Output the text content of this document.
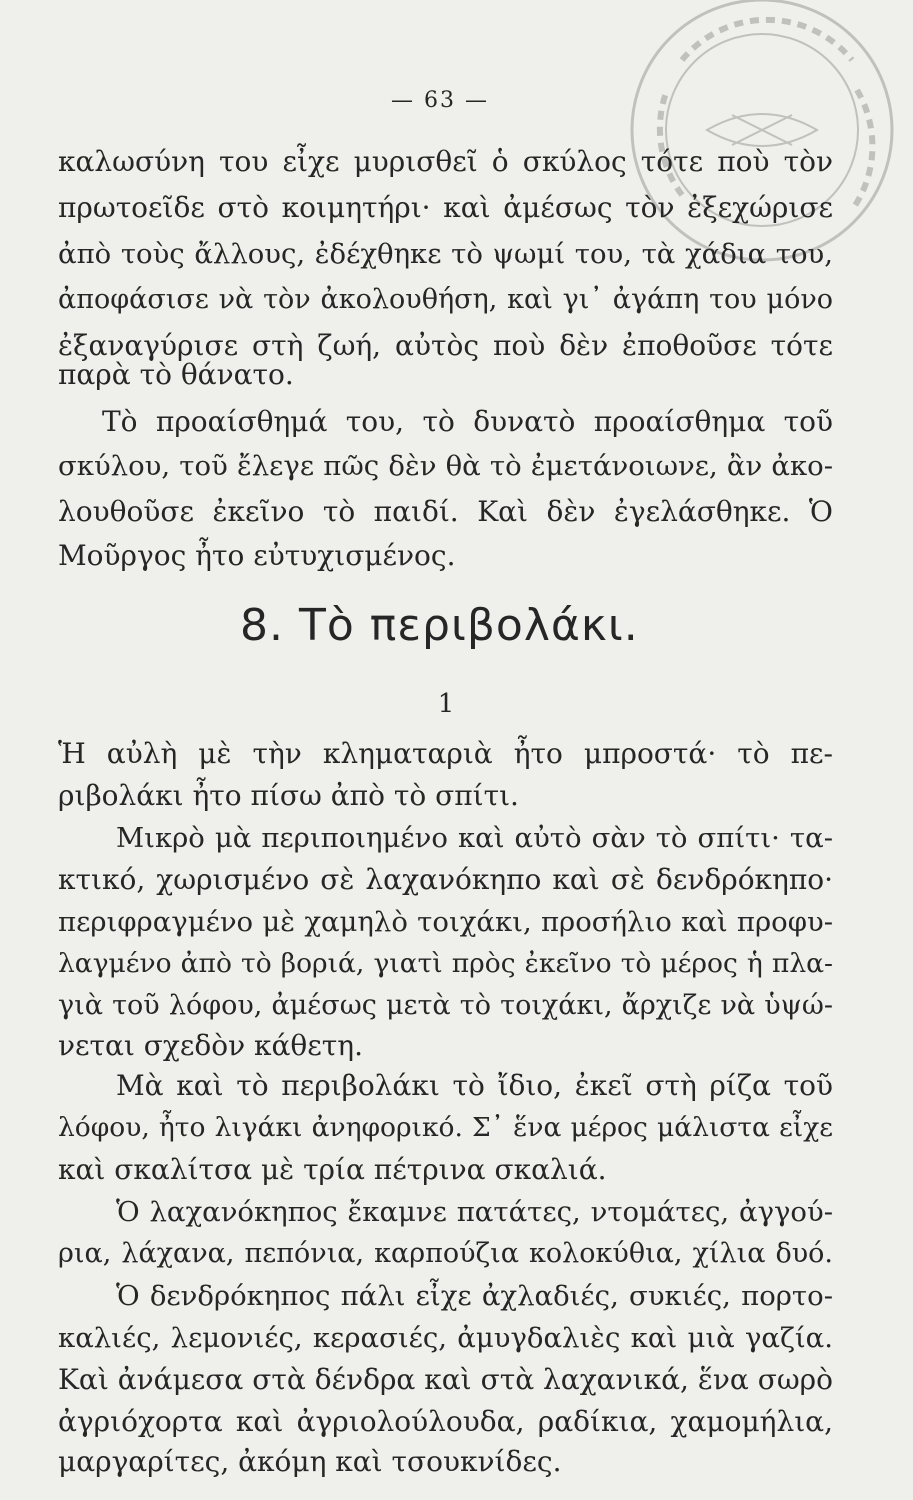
— 63 —
καλωσύνη του εἶχε μυρισθεῖ ὁ σκύλος τότε ποὺ τὸν
πρωτοεῖδε στὸ κοιμητήρι· καὶ ἀμέσως τὸν ἐξεχώρισε
ἀπὸ τοὺς ἄλλους, ἐδέχθηκε τὸ ψωμί του, τὰ χάδια του,
ἀποφάσισε νὰ τὸν ἀκολουθήση, καὶ γι᾽ ἀγάπη του μόνο
ἐξαναγύρισε στὴ ζωή, αὐτὸς ποὺ δὲν ἐποθοῦσε τότε
παρὰ τὸ θάνατο.
Τὸ προαίσθημά του, τὸ δυνατὸ προαίσθημα τοῦ
σκύλου, τοῦ ἔλεγε πῶς δὲν θὰ τὸ ἐμετάνοιωνε, ἂν ἀκο-
λουθοῦσε ἐκεῖνο τὸ παιδί. Καὶ δὲν ἐγελάσθηκε. Ὁ
Μοῦργος ἦτο εὐτυχισμένος.
8. Τὸ περιβολάκι.
1
Ἡ αὐλὴ μὲ τὴν κληματαριὰ ἦτο μπροστά· τὸ πε-
ριβολάκι ἦτο πίσω ἀπὸ τὸ σπίτι.
Μικρὸ μὰ περιποιημένο καὶ αὐτὸ σὰν τὸ σπίτι· τα-
κτικό, χωρισμένο σὲ λαχανόκηπο καὶ σὲ δενδρόκηπο·
περιφραγμένο μὲ χαμηλὸ τοιχάκι, προσήλιο καὶ προφυ-
λαγμένο ἀπὸ τὸ βοριά, γιατὶ πρὸς ἐκεῖνο τὸ μέρος ἡ πλα-
γιὰ τοῦ λόφου, ἀμέσως μετὰ τὸ τοιχάκι, ἄρχιζε νὰ ὑψώ-
νεται σχεδὸν κάθετη.
Μὰ καὶ τὸ περιβολάκι τὸ ἴδιο, ἐκεῖ στὴ ρίζα τοῦ
λόφου, ἦτο λιγάκι ἀνηφορικό. Σ᾽ ἕνα μέρος μάλιστα εἶχε
καὶ σκαλίτσα μὲ τρία πέτρινα σκαλιά.
Ὁ λαχανόκηπος ἔκαμνε πατάτες, ντομάτες, ἀγγού-
ρια, λάχανα, πεπόνια, καρπούζια κολοκύθια, χίλια δυό.
Ὁ δενδρόκηπος πάλι εἶχε ἀχλαδιές, συκιές, πορτο-
καλιές, λεμονιές, κερασιές, ἀμυγδαλιὲς καὶ μιὰ γαζία.
Καὶ ἀνάμεσα στὰ δένδρα καὶ στὰ λαχανικά, ἕνα σωρὸ
ἀγριόχορτα καὶ ἀγριολούλουδα, ραδίκια, χαμομήλια,
μαργαρίτες, ἀκόμη καὶ τσουκνίδες.
